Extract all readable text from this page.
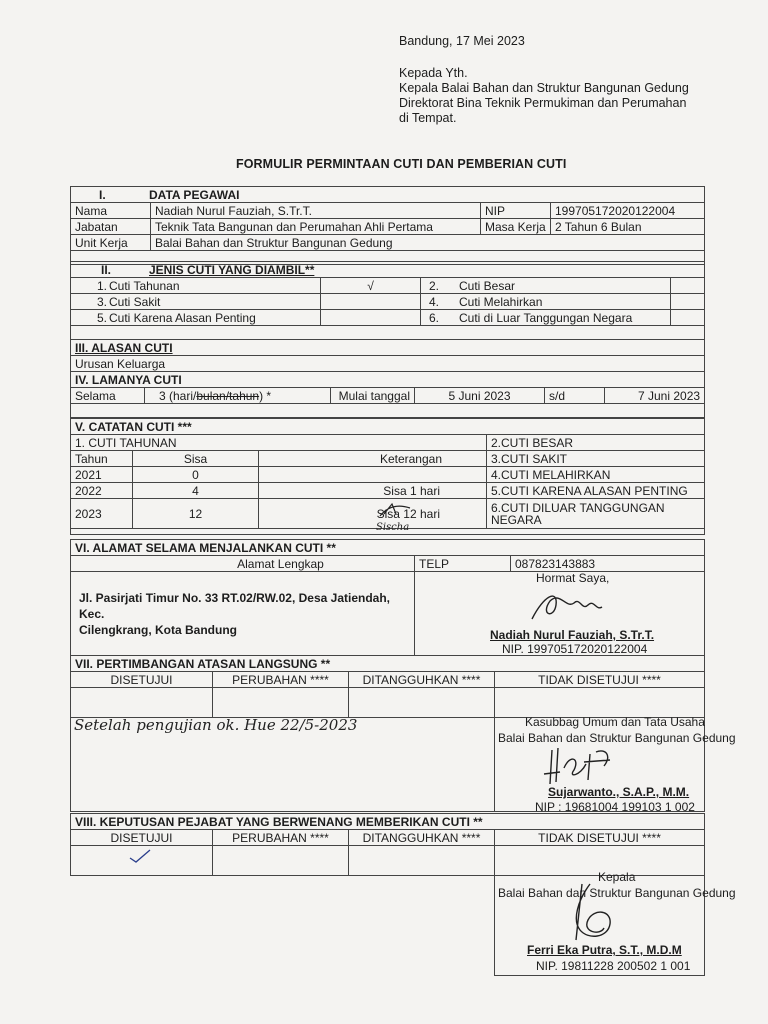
Bandung, 17 Mei 2023
Kepada Yth.
Kepala Balai Bahan dan Struktur Bangunan Gedung
Direktorat Bina Teknik Permukiman dan Perumahan
di Tempat.
FORMULIR PERMINTAAN CUTI DAN PEMBERIAN CUTI
I. DATA PEGAWAI			
Nama	Nadiah Nurul Fauziah, S.Tr.T.	NIP	199705172020122004
Jabatan	Teknik Tata Bangunan dan Perumahan Ahli Pertama	Masa Kerja	2 Tahun 6 Bulan
Unit Kerja	Balai Bahan dan Struktur Bangunan Gedung		

II. JENIS CUTI YANG DIAMBIL**			
1. Cuti Tahunan	√	2. Cuti Besar	
3. Cuti Sakit		4. Cuti Melahirkan	
5. Cuti Karena Alasan Penting		6. Cuti di Luar Tanggungan Negara	

III. ALASAN CUTI
Urusan Keluarga
IV. LAMANYA CUTI
Selama	3 (hari/bulan/tahun) *	Mulai tanggal	5 Juni 2023	s/d	7 Juni 2023

V. CATATAN CUTI ***			
1. CUTI TAHUNAN			2.CUTI BESAR
Tahun	Sisa	Keterangan	3.CUTI SAKIT
2021	0		4.CUTI MELAHIRKAN
2022	4	Sisa 1 hari	5.CUTI KARENA ALASAN PENTING
2023	12	Sisa 12 hari	6.CUTI DILUAR TANGGUNGAN
NEGARA

Sischa
VI. ALAMAT SELAMA MENJALANKAN CUTI **		
Alamat Lengkap	TELP	087823143883

Jl. Pasirjati Timur No. 33 RT.02/RW.02, Desa Jatiendah, Kec.
Cilengkrang, Kota Bandung		

Hormat Saya,
Nadiah Nurul Fauziah, S.Tr.T.
NIP. 199705172020122004
VII. PERTIMBANGAN ATASAN LANGSUNG **			
DISETUJUI	PERUBAHAN ****	DITANGGUHKAN ****	TIDAK DISETUJUI ****

Setelah pengujian ok. Hue 22/5-2023	Kasubbag Umum dan Tata Usaha
Balai Bahan dan Struktur Bangunan Gedung
Sujarwanto., S.A.P., M.M.
NIP : 19681004 199103 1 002
VIII. KEPUTUSAN PEJABAT YANG BERWENANG MEMBERIKAN CUTI **			
DISETUJUI	PERUBAHAN ****	DITANGGUHKAN ****	TIDAK DISETUJUI ****

Kepala
Balai Bahan dan Struktur Bangunan Gedung
Ferri Eka Putra, S.T., M.D.M
NIP. 19811228 200502 1 001
